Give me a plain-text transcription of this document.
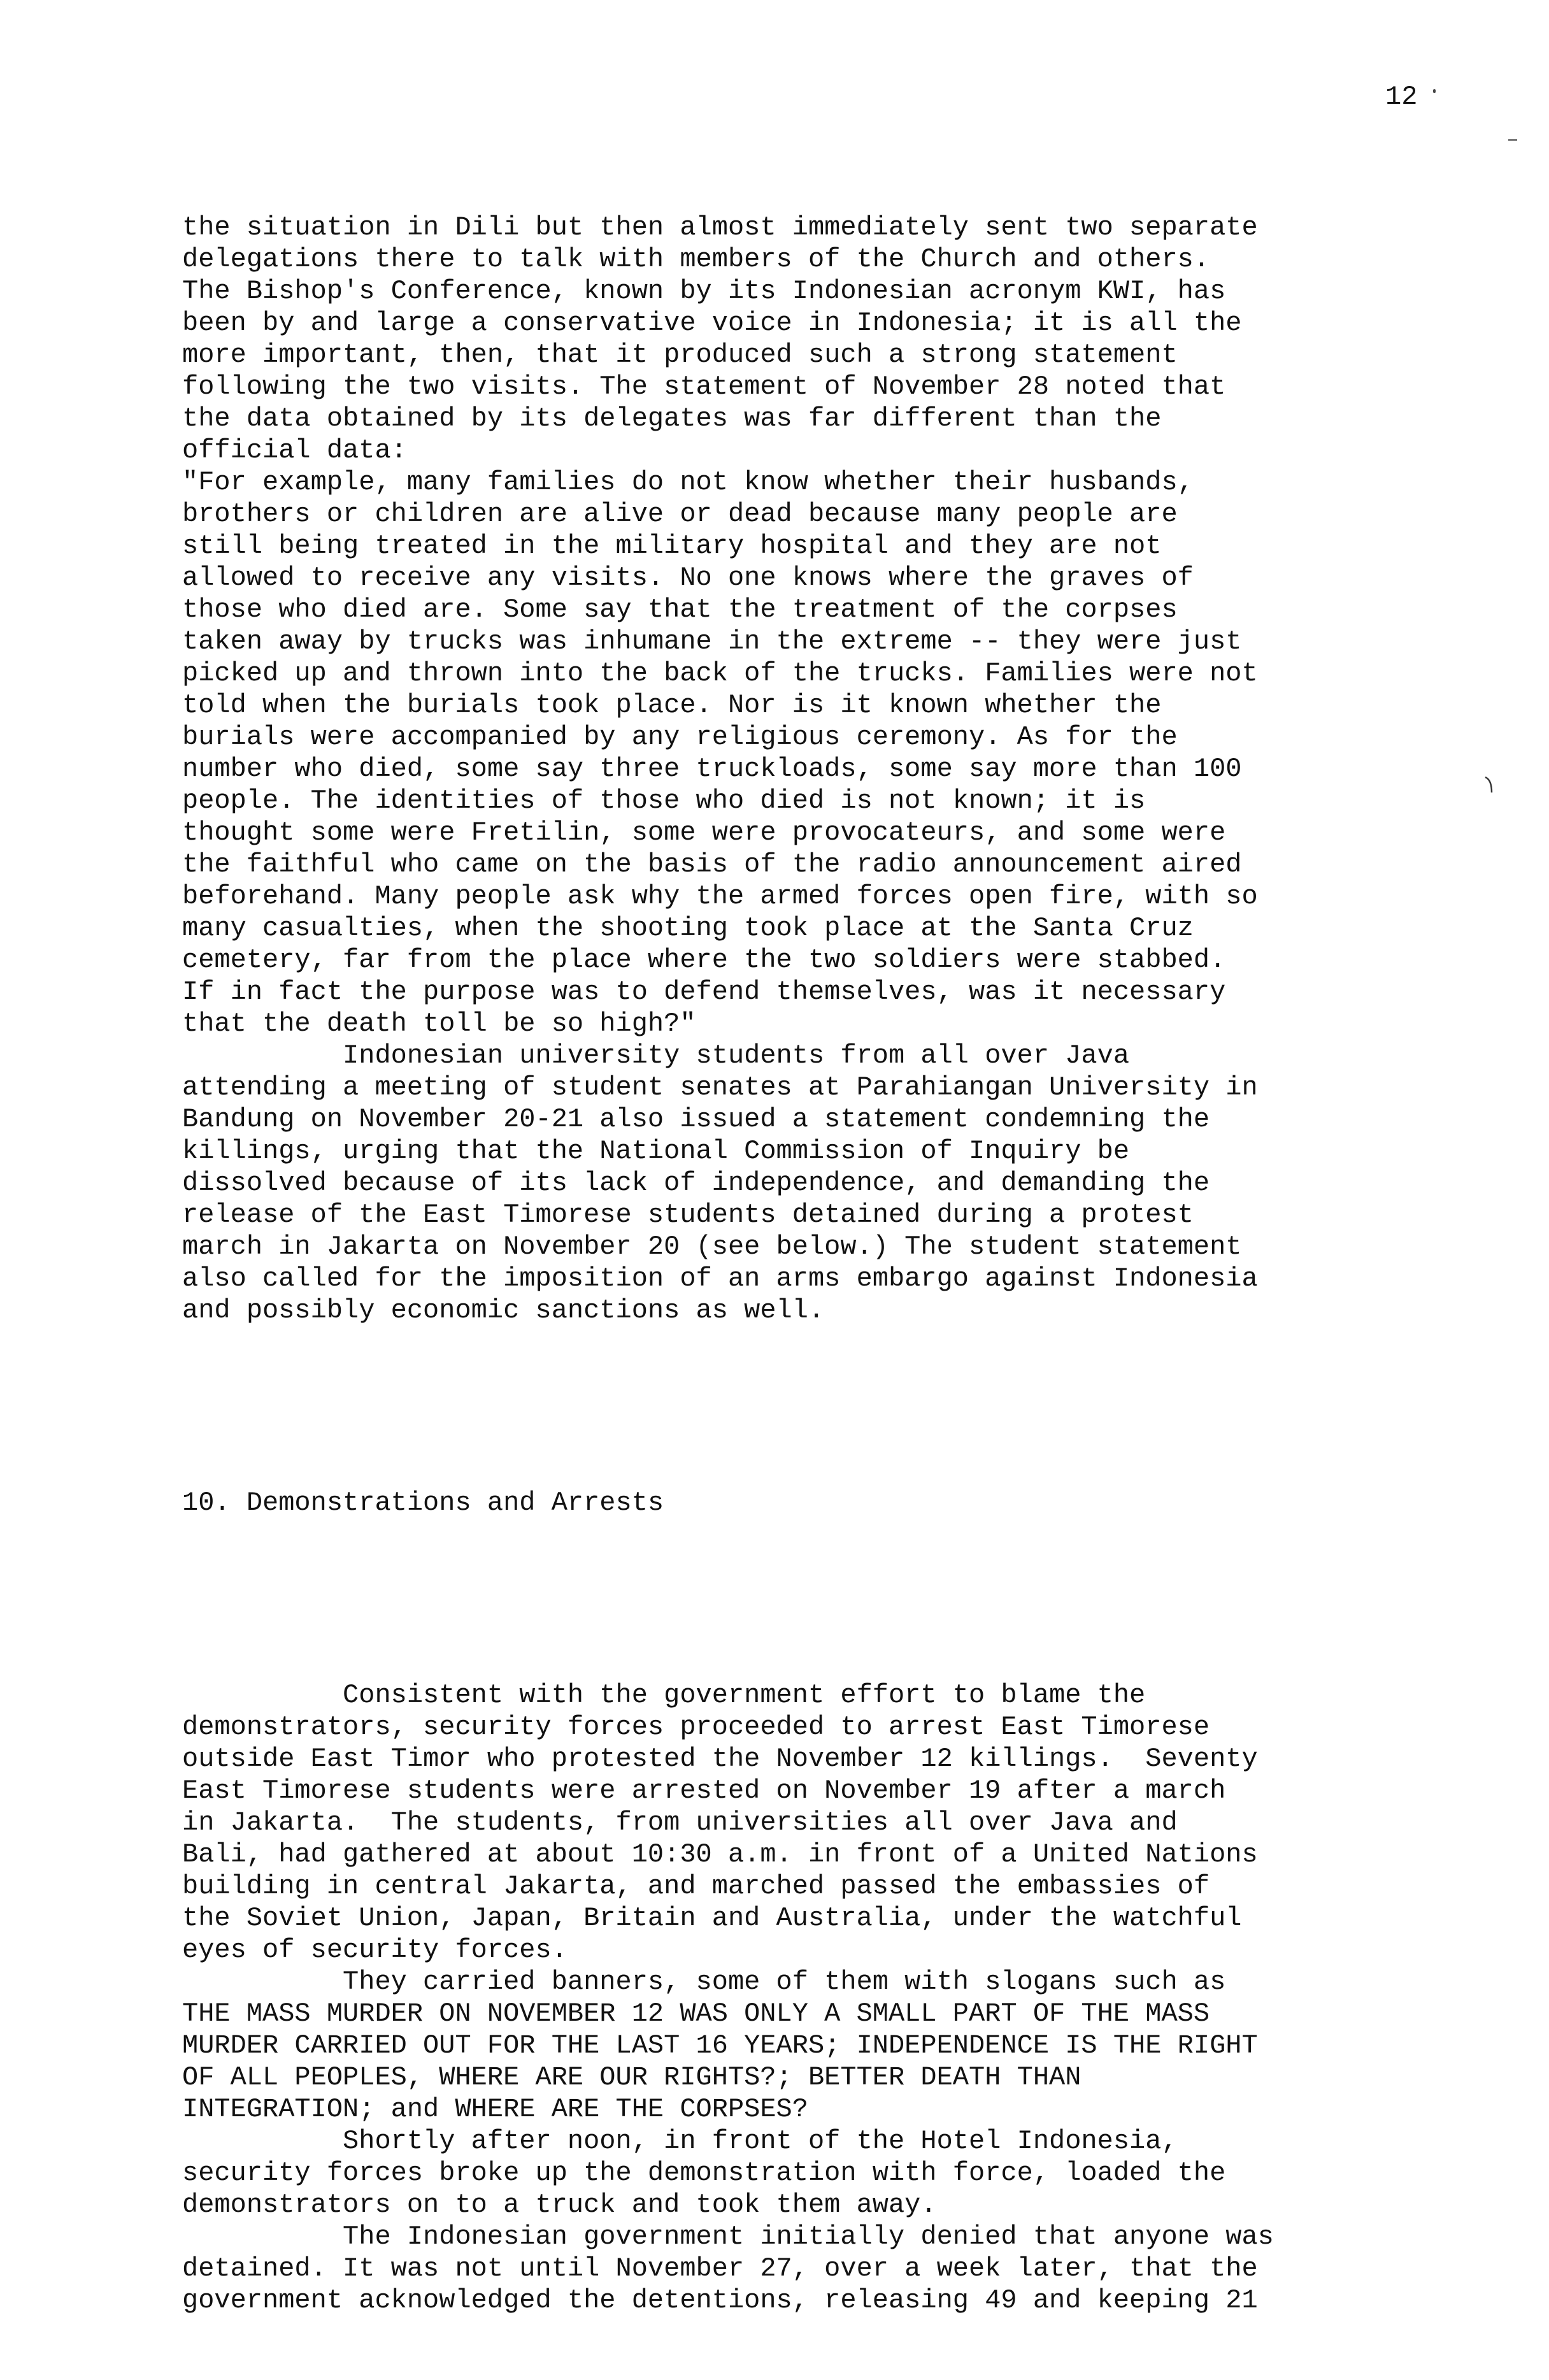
12

the situation in Dili but then almost immediately sent two separate
delegations there to talk with members of the Church and others.
The Bishop's Conference, known by its Indonesian acronym KWI, has
been by and large a conservative voice in Indonesia; it is all the
more important, then, that it produced such a strong statement
following the two visits. The statement of November 28 noted that
the data obtained by its delegates was far different than the
official data:
"For example, many families do not know whether their husbands,
brothers or children are alive or dead because many people are
still being treated in the military hospital and they are not
allowed to receive any visits. No one knows where the graves of
those who died are. Some say that the treatment of the corpses
taken away by trucks was inhumane in the extreme -- they were just
picked up and thrown into the back of the trucks. Families were not
told when the burials took place. Nor is it known whether the
burials were accompanied by any religious ceremony. As for the
number who died, some say three truckloads, some say more than 100
people. The identities of those who died is not known; it is
thought some were Fretilin, some were provocateurs, and some were
the faithful who came on the basis of the radio announcement aired
beforehand. Many people ask why the armed forces open fire, with so
many casualties, when the shooting took place at the Santa Cruz
cemetery, far from the place where the two soldiers were stabbed.
If in fact the purpose was to defend themselves, was it necessary
that the death toll be so high?"
Indonesian university students from all over Java
attending a meeting of student senates at Parahiangan University in
Bandung on November 20-21 also issued a statement condemning the
killings, urging that the National Commission of Inquiry be
dissolved because of its lack of independence, and demanding the
release of the East Timorese students detained during a protest
march in Jakarta on November 20 (see below.) The student statement
also called for the imposition of an arms embargo against Indonesia
and possibly economic sanctions as well.

10. Demonstrations and Arrests

Consistent with the government effort to blame the
demonstrators, security forces proceeded to arrest East Timorese
outside East Timor who protested the November 12 killings.  Seventy
East Timorese students were arrested on November 19 after a march
in Jakarta.  The students, from universities all over Java and
Bali, had gathered at about 10:30 a.m. in front of a United Nations
building in central Jakarta, and marched passed the embassies of
the Soviet Union, Japan, Britain and Australia, under the watchful
eyes of security forces.
They carried banners, some of them with slogans such as
THE MASS MURDER ON NOVEMBER 12 WAS ONLY A SMALL PART OF THE MASS
MURDER CARRIED OUT FOR THE LAST 16 YEARS; INDEPENDENCE IS THE RIGHT
OF ALL PEOPLES, WHERE ARE OUR RIGHTS?; BETTER DEATH THAN
INTEGRATION; and WHERE ARE THE CORPSES?
Shortly after noon, in front of the Hotel Indonesia,
security forces broke up the demonstration with force, loaded the
demonstrators on to a truck and took them away.
The Indonesian government initially denied that anyone was
detained. It was not until November 27, over a week later, that the
government acknowledged the detentions, releasing 49 and keeping 21
